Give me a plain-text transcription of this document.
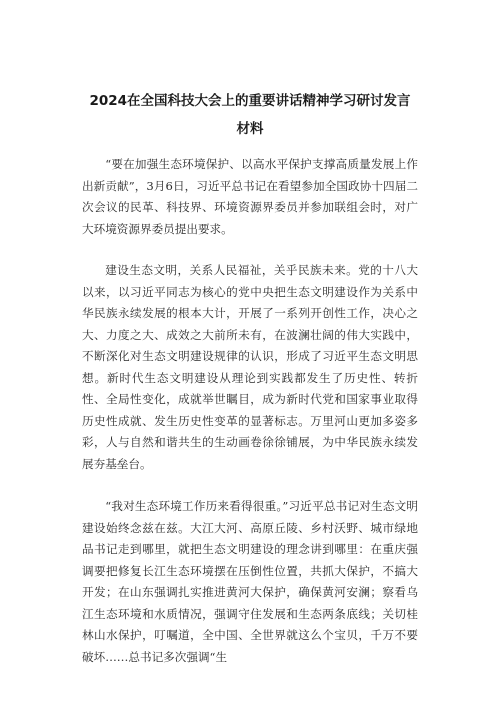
2024在全国科技大会上的重要讲话精神学习研讨发言
材料

“要在加强生态环境保护、以高水平保护支撑高质量发展上作出新贡献”，3月6日，习近平总书记在看望参加全国政协十四届二次会议的民革、科技界、环境资源界委员并参加联组会时，对广大环境资源界委员提出要求。

建设生态文明，关系人民福祉，关乎民族未来。党的十八大以来，以习近平同志为核心的党中央把生态文明建设作为关系中华民族永续发展的根本大计，开展了一系列开创性工作，决心之大、力度之大、成效之大前所未有，在波澜壮阔的伟大实践中，不断深化对生态文明建设规律的认识，形成了习近平生态文明思想。新时代生态文明建设从理论到实践都发生了历史性、转折性、全局性变化，成就举世瞩目，成为新时代党和国家事业取得历史性成就、发生历史性变革的显著标志。万里河山更加多姿多彩，人与自然和谐共生的生动画卷徐徐铺展，为中华民族永续发展夯基垒台。

“我对生态环境工作历来看得很重。”习近平总书记对生态文明建设始终念兹在兹。大江大河、高原丘陵、乡村沃野、城市绿地品书记走到哪里，就把生态文明建设的理念讲到哪里：在重庆强调要把修复长江生态环境摆在压倒性位置，共抓大保护，不搞大开发；在山东强调扎实推进黄河大保护，确保黄河安澜；察看乌江生态环境和水质情况，强调守住发展和生态两条底线；关切桂林山水保护，叮嘱道，全中国、全世界就这么个宝贝，千万不要破坏……总书记多次强调“生
